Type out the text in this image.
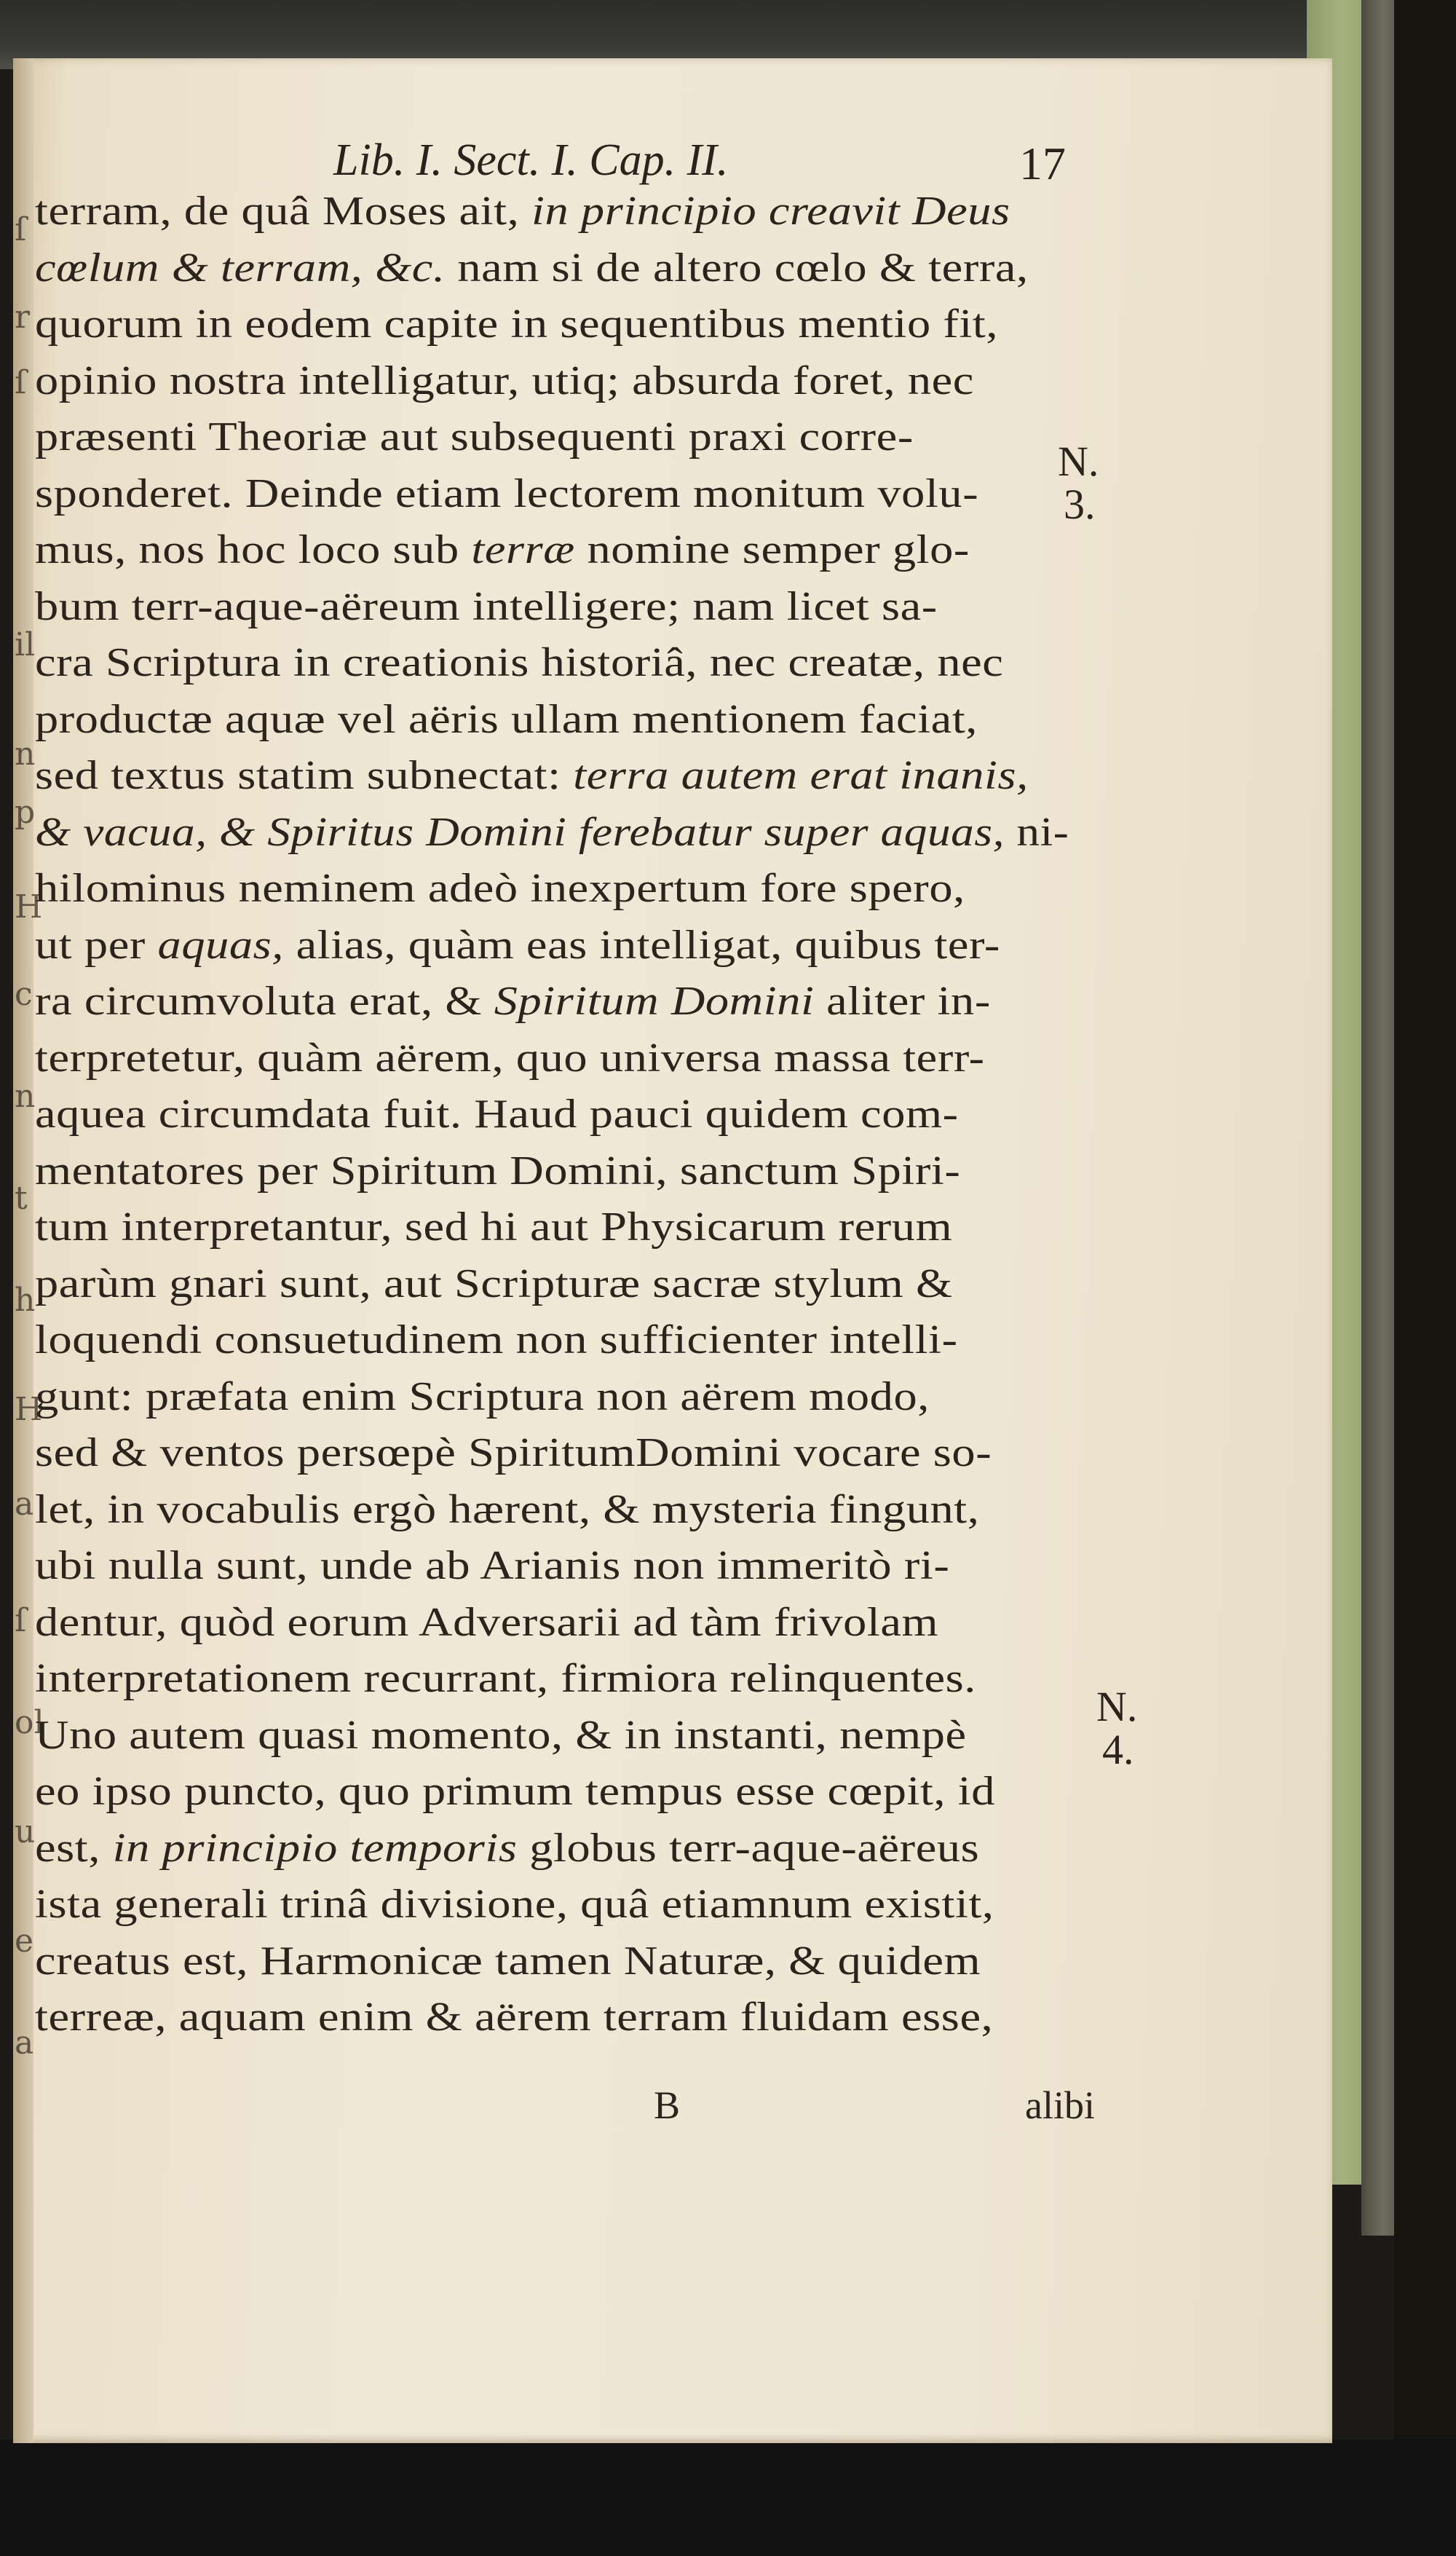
ſ
r
ſ
il
n
p
H
c
n
t
h
H
a
ſ
ol
u
e
a
Lib. I. Sect. I. Cap. II.	17
terram, de quâ Moses ait, in principio creavit Deus
cœlum & terram, &c. nam si de altero cœlo & terra,
quorum in eodem capite in sequentibus mentio fit,
opinio nostra intelligatur, utiq; absurda foret, nec
præsenti Theoriæ aut subsequenti praxi corre-
sponderet. Deinde etiam lectorem monitum volu-
mus, nos hoc loco sub terræ nomine semper glo-
bum terr-aque-aëreum intelligere; nam licet sa-
cra Scriptura in creationis historiâ, nec creatæ, nec
productæ aquæ vel aëris ullam mentionem faciat,
sed textus statim subnectat: terra autem erat inanis,
& vacua, & Spiritus Domini ferebatur super aquas, ni-
hilominus neminem adeò inexpertum fore spero,
ut per aquas, alias, quàm eas intelligat, quibus ter-
ra circumvoluta erat, & Spiritum Domini aliter in-
terpretetur, quàm aërem, quo universa massa terr-
aquea circumdata fuit. Haud pauci quidem com-
mentatores per Spiritum Domini, sanctum Spiri-
tum interpretantur, sed hi aut Physicarum rerum
parùm gnari sunt, aut Scripturæ sacræ stylum &
loquendi consuetudinem non sufficienter intelli-
gunt: præfata enim Scriptura non aërem modo,
sed & ventos persœpè SpiritumDomini vocare so-
let, in vocabulis ergò hærent, & mysteria fingunt,
ubi nulla sunt, unde ab Arianis non immeritò ri-
dentur, quòd eorum Adversarii ad tàm frivolam
interpretationem recurrant, firmiora relinquentes.
Uno autem quasi momento, & in instanti, nempè
eo ipso puncto, quo primum tempus esse cœpit, id
est, in principio temporis globus terr-aque-aëreus
ista generali trinâ divisione, quâ etiamnum existit,
creatus est, Harmonicæ tamen Naturæ, & quidem
terreæ, aquam enim & aërem terram fluidam esse,
N.
3.
N.
4.
B	alibi
